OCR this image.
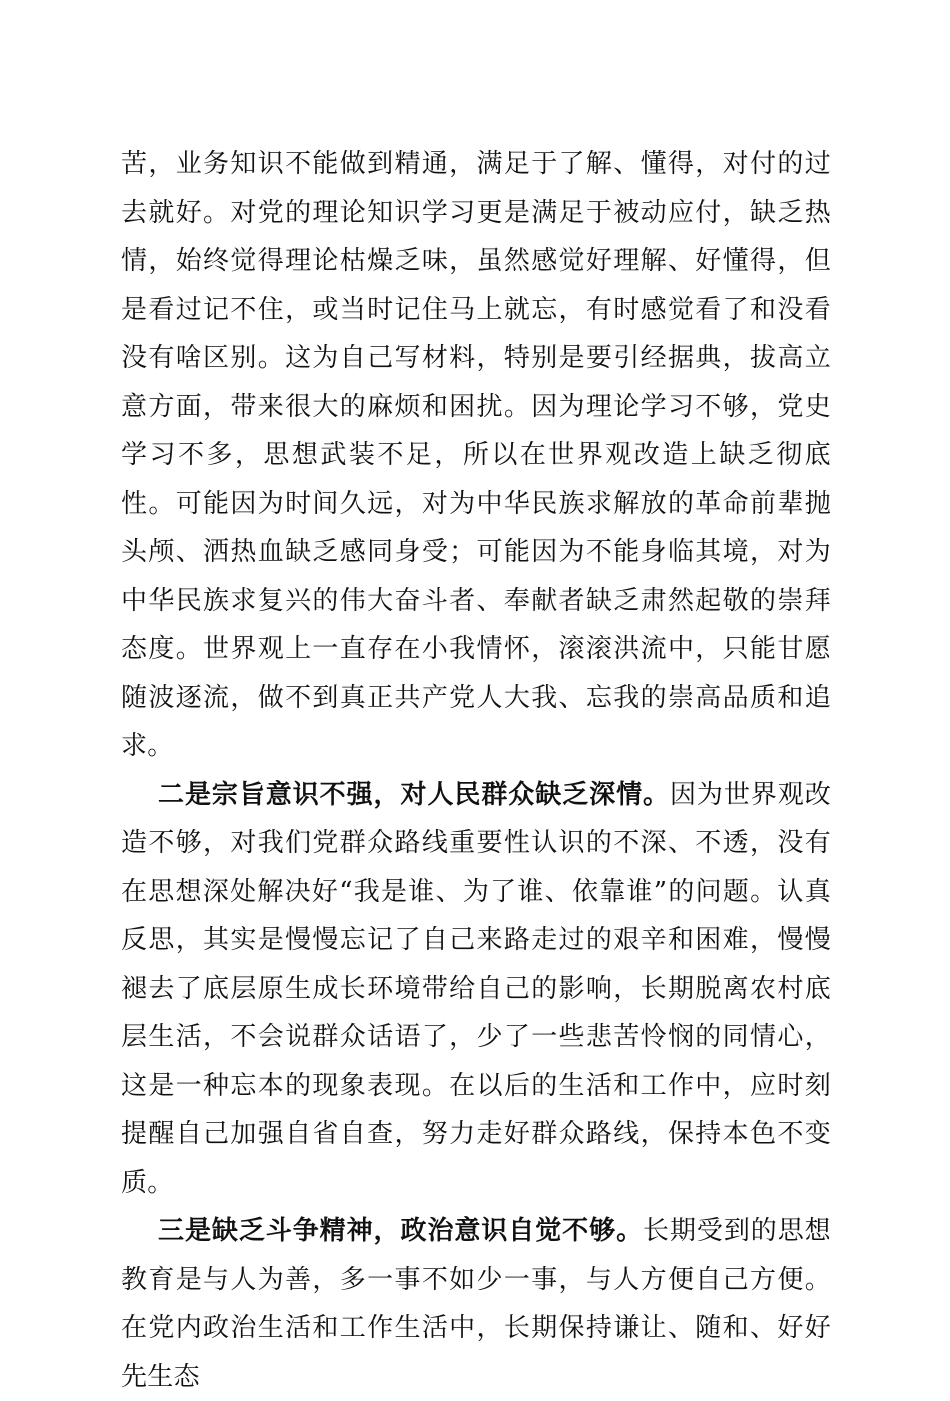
苦，业务知识不能做到精通，满足于了解、懂得，对付的过去就好。对党的理论知识学习更是满足于被动应付，缺乏热情，始终觉得理论枯燥乏味，虽然感觉好理解、好懂得，但是看过记不住，或当时记住马上就忘，有时感觉看了和没看没有啥区别。这为自己写材料，特别是要引经据典，拔高立意方面，带来很大的麻烦和困扰。因为理论学习不够，党史学习不多，思想武装不足，所以在世界观改造上缺乏彻底性。可能因为时间久远，对为中华民族求解放的革命前辈抛头颅、洒热血缺乏感同身受；可能因为不能身临其境，对为中华民族求复兴的伟大奋斗者、奉献者缺乏肃然起敬的崇拜态度。世界观上一直存在小我情怀，滚滚洪流中，只能甘愿随波逐流，做不到真正共产党人大我、忘我的崇高品质和追求。

二是宗旨意识不强，对人民群众缺乏深情。因为世界观改造不够，对我们党群众路线重要性认识的不深、不透，没有在思想深处解决好“我是谁、为了谁、依靠谁”的问题。认真反思，其实是慢慢忘记了自己来路走过的艰辛和困难，慢慢褪去了底层原生成长环境带给自己的影响，长期脱离农村底层生活，不会说群众话语了，少了一些悲苦怜悯的同情心，这是一种忘本的现象表现。在以后的生活和工作中，应时刻提醒自己加强自省自查，努力走好群众路线，保持本色不变质。

三是缺乏斗争精神，政治意识自觉不够。长期受到的思想教育是与人为善，多一事不如少一事，与人方便自己方便。在党内政治生活和工作生活中，长期保持谦让、随和、好好先生态
